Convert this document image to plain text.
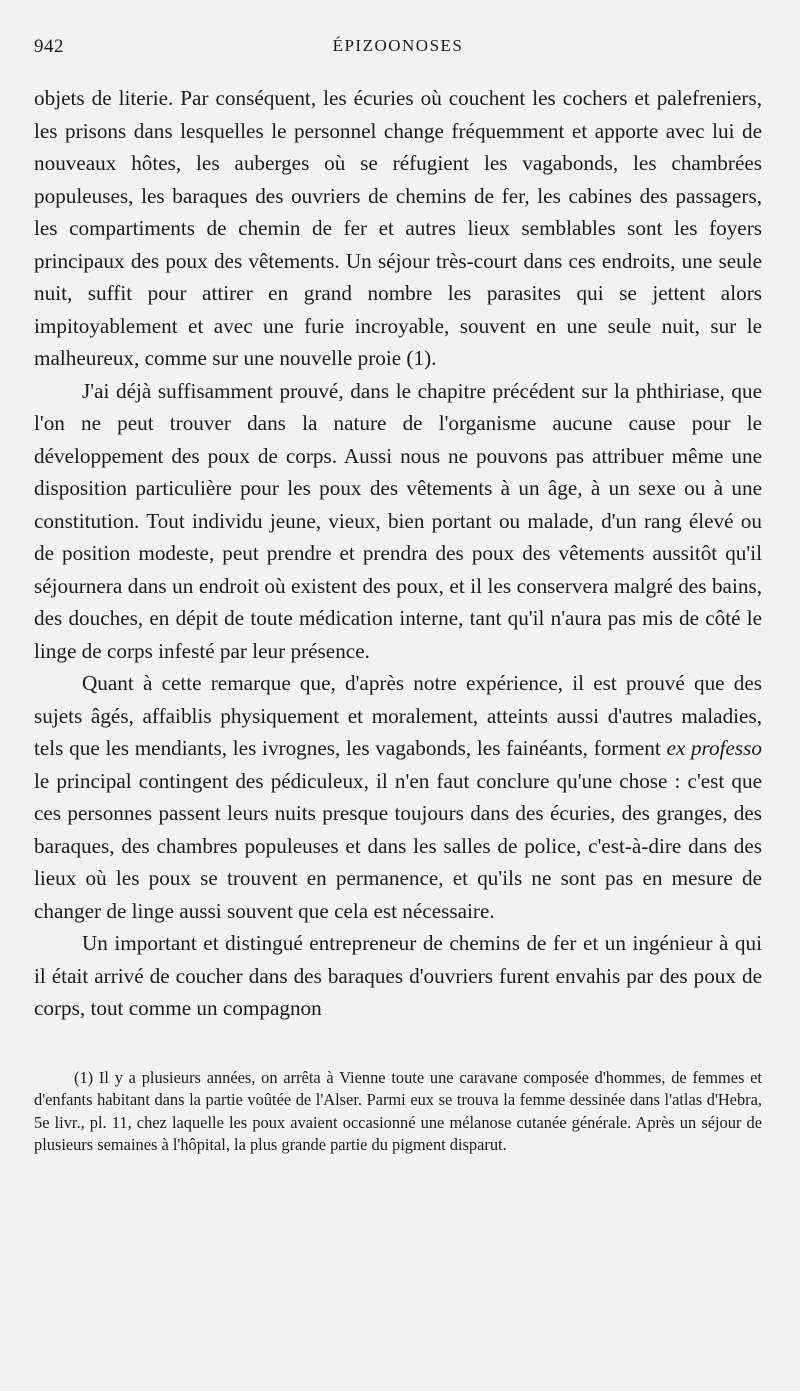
942	ÉPIZOONOSES

objets de literie. Par conséquent, les écuries où couchent les cochers et palefreniers, les prisons dans lesquelles le personnel change fréquemment et apporte avec lui de nouveaux hôtes, les auberges où se réfugient les vagabonds, les chambrées populeuses, les baraques des ouvriers de chemins de fer, les cabines des passagers, les compartiments de chemin de fer et autres lieux semblables sont les foyers principaux des poux des vêtements. Un séjour très-court dans ces endroits, une seule nuit, suffit pour attirer en grand nombre les parasites qui se jettent alors impitoyablement et avec une furie incroyable, souvent en une seule nuit, sur le malheureux, comme sur une nouvelle proie (1).

J'ai déjà suffisamment prouvé, dans le chapitre précédent sur la phthiriase, que l'on ne peut trouver dans la nature de l'organisme aucune cause pour le développement des poux de corps. Aussi nous ne pouvons pas attribuer même une disposition particulière pour les poux des vêtements à un âge, à un sexe ou à une constitution. Tout individu jeune, vieux, bien portant ou malade, d'un rang élevé ou de position modeste, peut prendre et prendra des poux des vêtements aussitôt qu'il séjournera dans un endroit où existent des poux, et il les conservera malgré des bains, des douches, en dépit de toute médication interne, tant qu'il n'aura pas mis de côté le linge de corps infesté par leur présence.

Quant à cette remarque que, d'après notre expérience, il est prouvé que des sujets âgés, affaiblis physiquement et moralement, atteints aussi d'autres maladies, tels que les mendiants, les ivrognes, les vagabonds, les fainéants, forment ex professo le principal contingent des pédiculeux, il n'en faut conclure qu'une chose : c'est que ces personnes passent leurs nuits presque toujours dans des écuries, des granges, des baraques, des chambres populeuses et dans les salles de police, c'est-à-dire dans des lieux où les poux se trouvent en permanence, et qu'ils ne sont pas en mesure de changer de linge aussi souvent que cela est nécessaire.

Un important et distingué entrepreneur de chemins de fer et un ingénieur à qui il était arrivé de coucher dans des baraques d'ouvriers furent envahis par des poux de corps, tout comme un compagnon

(1) Il y a plusieurs années, on arrêta à Vienne toute une caravane composée d'hommes, de femmes et d'enfants habitant dans la partie voûtée de l'Alser. Parmi eux se trouva la femme dessinée dans l'atlas d'Hebra, 5e livr., pl. 11, chez laquelle les poux avaient occasionné une mélanose cutanée générale. Après un séjour de plusieurs semaines à l'hôpital, la plus grande partie du pigment disparut.
